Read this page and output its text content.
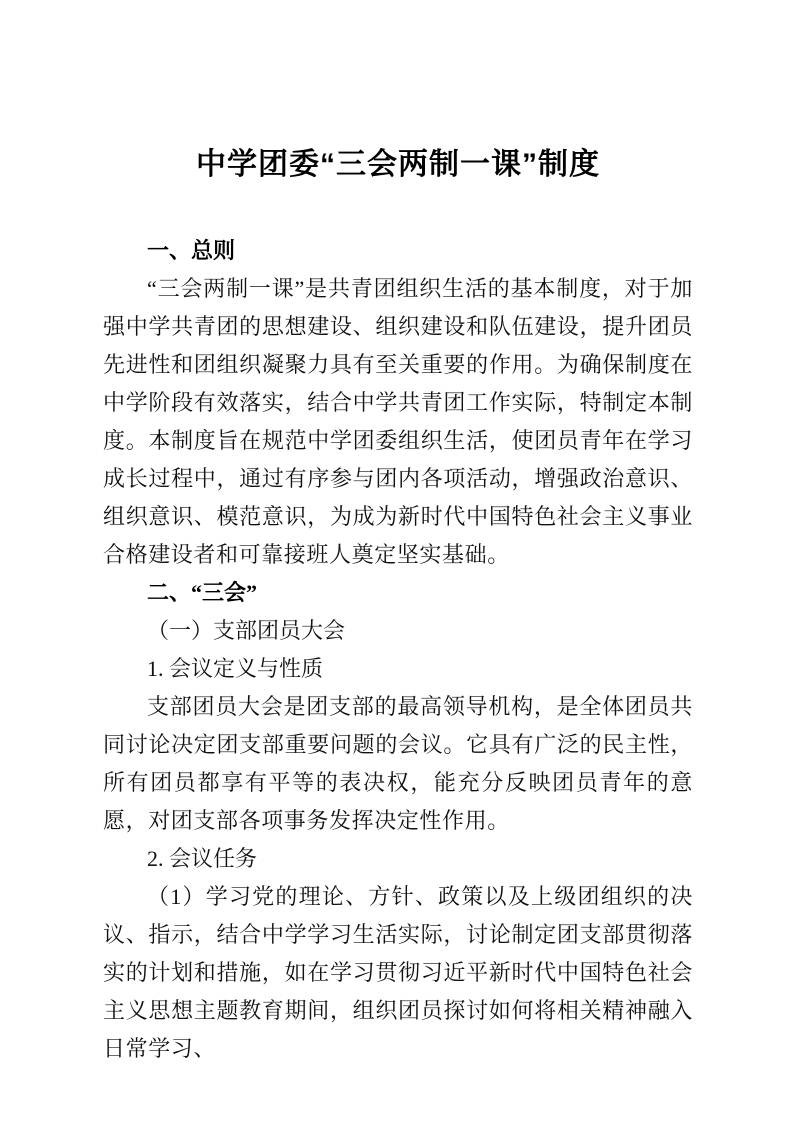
中学团委“三会两制一课”制度

一、总则

“三会两制一课”是共青团组织生活的基本制度，对于加强中学共青团的思想建设、组织建设和队伍建设，提升团员先进性和团组织凝聚力具有至关重要的作用。为确保制度在中学阶段有效落实，结合中学共青团工作实际，特制定本制度。本制度旨在规范中学团委组织生活，使团员青年在学习成长过程中，通过有序参与团内各项活动，增强政治意识、组织意识、模范意识，为成为新时代中国特色社会主义事业合格建设者和可靠接班人奠定坚实基础。

二、“三会”

（一）支部团员大会

1. 会议定义与性质

支部团员大会是团支部的最高领导机构，是全体团员共同讨论决定团支部重要问题的会议。它具有广泛的民主性，所有团员都享有平等的表决权，能充分反映团员青年的意愿，对团支部各项事务发挥决定性作用。

2. 会议任务

（1）学习党的理论、方针、政策以及上级团组织的决议、指示，结合中学学习生活实际，讨论制定团支部贯彻落实的计划和措施，如在学习贯彻习近平新时代中国特色社会主义思想主题教育期间，组织团员探讨如何将相关精神融入日常学习、
